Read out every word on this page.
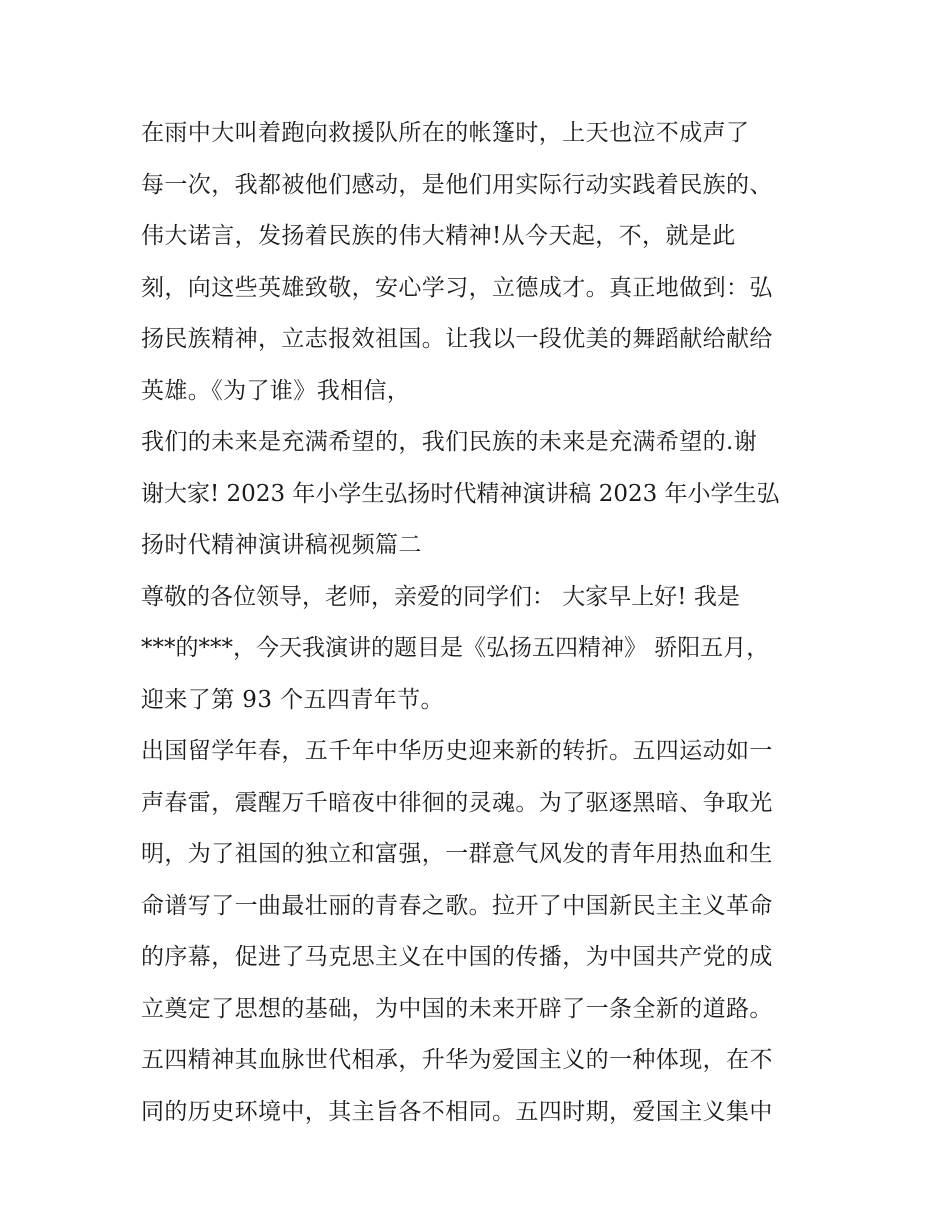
在雨中大叫着跑向救援队所在的帐篷时，上天也泣不成声了
每一次，我都被他们感动，是他们用实际行动实践着民族的、
伟大诺言，发扬着民族的伟大精神!从今天起，不，就是此
刻，向这些英雄致敬，安心学习，立德成才。真正地做到：弘
扬民族精神，立志报效祖国。让我以一段优美的舞蹈献给献给
英雄。《为了谁》我相信，
我们的未来是充满希望的，我们民族的未来是充满希望的.谢
谢大家! 2023 年小学生弘扬时代精神演讲稿 2023 年小学生弘
扬时代精神演讲稿视频篇二
尊敬的各位领导，老师，亲爱的同学们： 大家早上好! 我是
***的***，今天我演讲的题目是《弘扬五四精神》 骄阳五月，
迎来了第 93 个五四青年节。
出国留学年春，五千年中华历史迎来新的转折。五四运动如一
声春雷，震醒万千暗夜中徘徊的灵魂。为了驱逐黑暗、争取光
明，为了祖国的独立和富强，一群意气风发的青年用热血和生
命谱写了一曲最壮丽的青春之歌。拉开了中国新民主主义革命
的序幕，促进了马克思主义在中国的传播，为中国共产党的成
立奠定了思想的基础，为中国的未来开辟了一条全新的道路。
五四精神其血脉世代相承，升华为爱国主义的一种体现，在不
同的历史环境中，其主旨各不相同。五四时期，爱国主义集中
